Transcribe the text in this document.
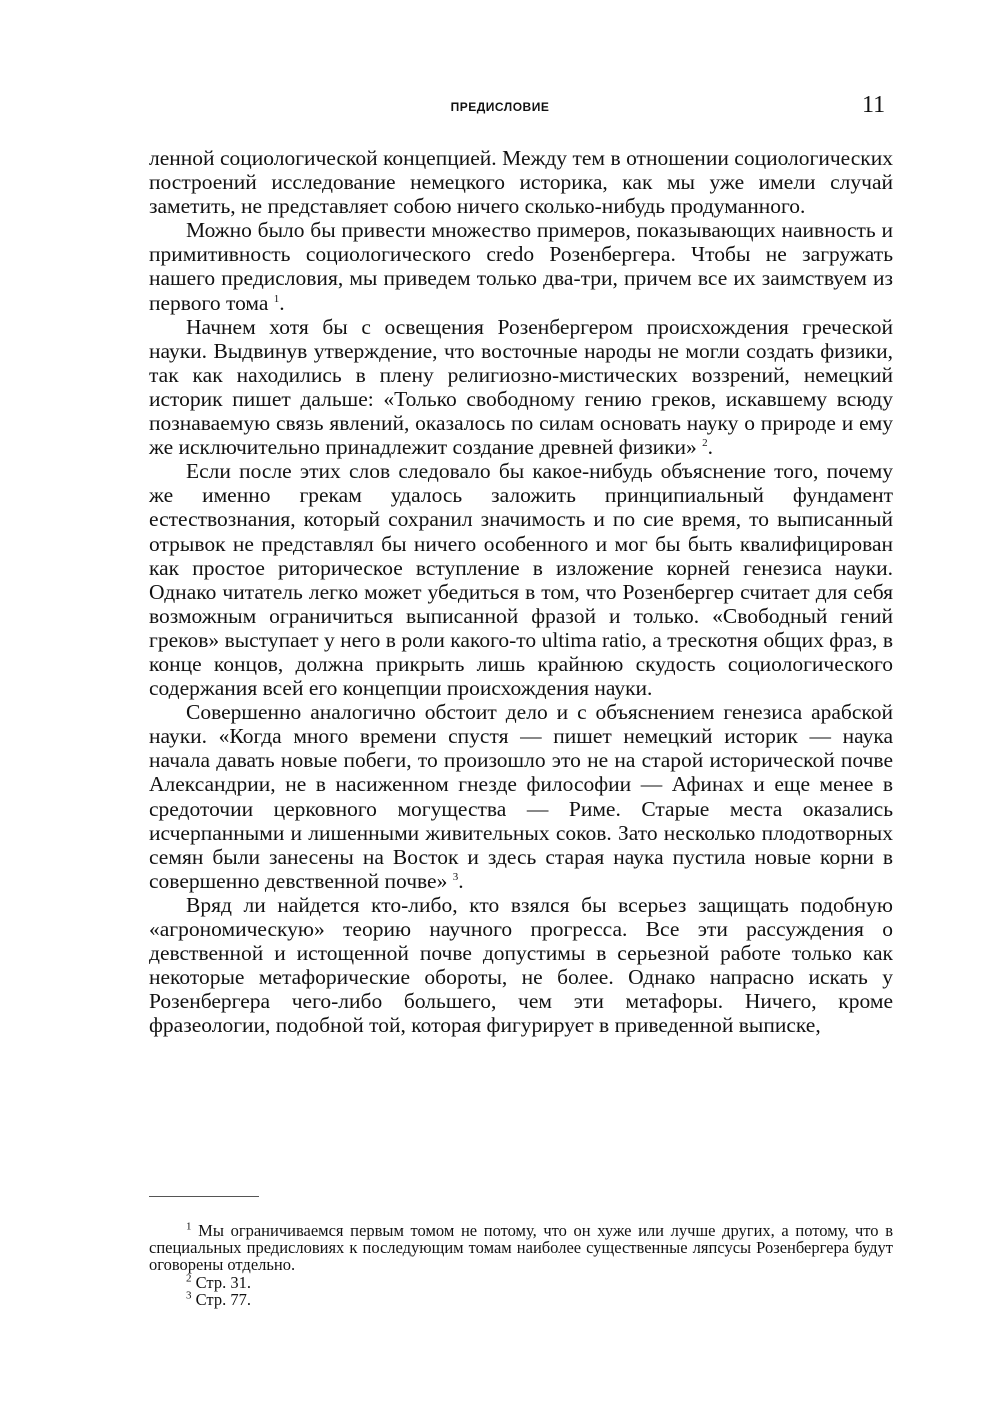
ПРЕДИСЛОВИЕ	11

ленной социологической концепцией. Между тем в отношении социологических построений исследование немецкого историка, как мы уже имели случай заметить, не представляет собою ничего сколько-нибудь продуманного.

Можно было бы привести множество примеров, показывающих наивность и примитивность социологического credo Розенбергера. Чтобы не загружать нашего предисловия, мы приведем только два-три, причем все их заимствуем из первого тома $^1$.

Начнем хотя бы с освещения Розенбергером происхождения греческой науки. Выдвинув утверждение, что восточные народы не могли создать физики, так как находились в плену религиозно-мистических воззрений, немецкий историк пишет дальше: «Только свободному гению греков, искавшему всюду познаваемую связь явлений, оказалось по силам основать науку о природе и ему же исключительно принадлежит создание древней физики» $^2$.

Если после этих слов следовало бы какое-нибудь объяснение того, почему же именно грекам удалось заложить принципиальный фундамент естествознания, который сохранил значимость и по сие время, то выписанный отрывок не представлял бы ничего особенного и мог бы быть квалифицирован как простое риторическое вступление в изложение корней генезиса науки. Однако читатель легко может убедиться в том, что Розенбергер считает для себя возможным ограничиться выписанной фразой и только. «Свободный гений греков» выступает у него в роли какого-то ultima ratio, а трескотня общих фраз, в конце концов, должна прикрыть лишь крайнюю скудость социологического содержания всей его концепции происхождения науки.

Совершенно аналогично обстоит дело и с объяснением генезиса арабской науки. «Когда много времени спустя — пишет немецкий историк — наука начала давать новые побеги, то произошло это не на старой исторической почве Александрии, не в насиженном гнезде философии — Афинах и еще менее в средоточии церковного могущества — Риме. Старые места оказались исчерпанными и лишенными живительных соков. Зато несколько плодотворных семян были занесены на Восток и здесь старая наука пустила новые корни в совершенно девственной почве» $^3$.

Вряд ли найдется кто-либо, кто взялся бы всерьез защищать подобную «агрономическую» теорию научного прогресса. Все эти рассуждения о девственной и истощенной почве допустимы в серьезной работе только как некоторые метафорические обороты, не более. Однако напрасно искать у Розенбергера чего-либо большего, чем эти метафоры. Ничего, кроме фразеологии, подобной той, которая фигурирует в приведенной выписке,

$^1$ Мы ограничиваемся первым томом не потому, что он хуже или лучше других, а потому, что в специальных предисловиях к последующим томам наиболее существенные ляпсусы Розенбергера будут оговорены отдельно.

$^2$ Стр. 31.

$^3$ Стр. 77.
